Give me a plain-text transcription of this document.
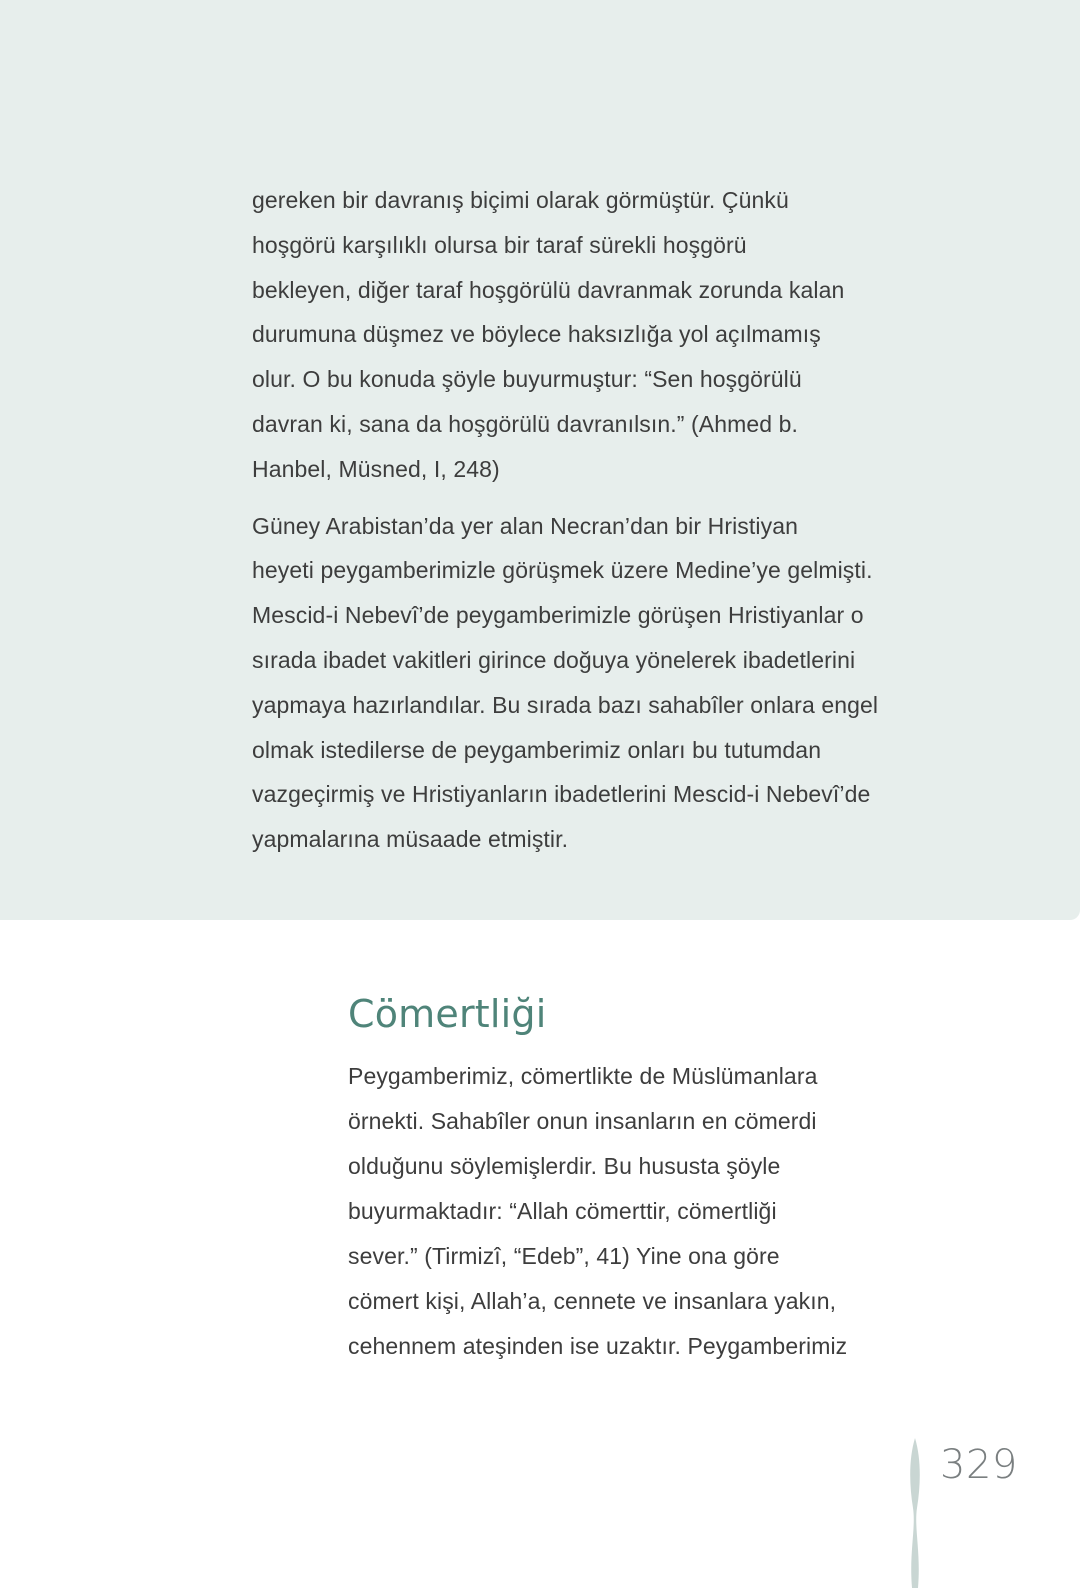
gereken bir davranış biçimi olarak görmüştür. Çünkü
hoşgörü karşılıklı olursa bir taraf sürekli hoşgörü
bekleyen, diğer taraf hoşgörülü davranmak zorunda kalan
durumuna düşmez ve böylece haksızlığa yol açılmamış
olur. O bu konuda şöyle buyurmuştur: “Sen hoşgörülü
davran ki, sana da hoşgörülü davranılsın.” (Ahmed b.
Hanbel, Müsned, I, 248)

Güney Arabistan’da yer alan Necran’dan bir Hristiyan
heyeti peygamberimizle görüşmek üzere Medine’ye gelmişti.
Mescid-i Nebevî’de peygamberimizle görüşen Hristiyanlar o
sırada ibadet vakitleri girince doğuya yönelerek ibadetlerini
yapmaya hazırlandılar. Bu sırada bazı sahabîler onlara engel
olmak istedilerse de peygamberimiz onları bu tutumdan
vazgeçirmiş ve Hristiyanların ibadetlerini Mescid-i Nebevî’de
yapmalarına müsaade etmiştir.

Cömertliği

Peygamberimiz, cömertlikte de Müslümanlara
örnekti. Sahabîler onun insanların en cömerdi
olduğunu söylemişlerdir. Bu hususta şöyle
buyurmaktadır: “Allah cömerttir, cömertliği
sever.” (Tirmizî, “Edeb”, 41) Yine ona göre
cömert kişi, Allah’a, cennete ve insanlara yakın,
cehennem ateşinden ise uzaktır. Peygamberimiz

329
